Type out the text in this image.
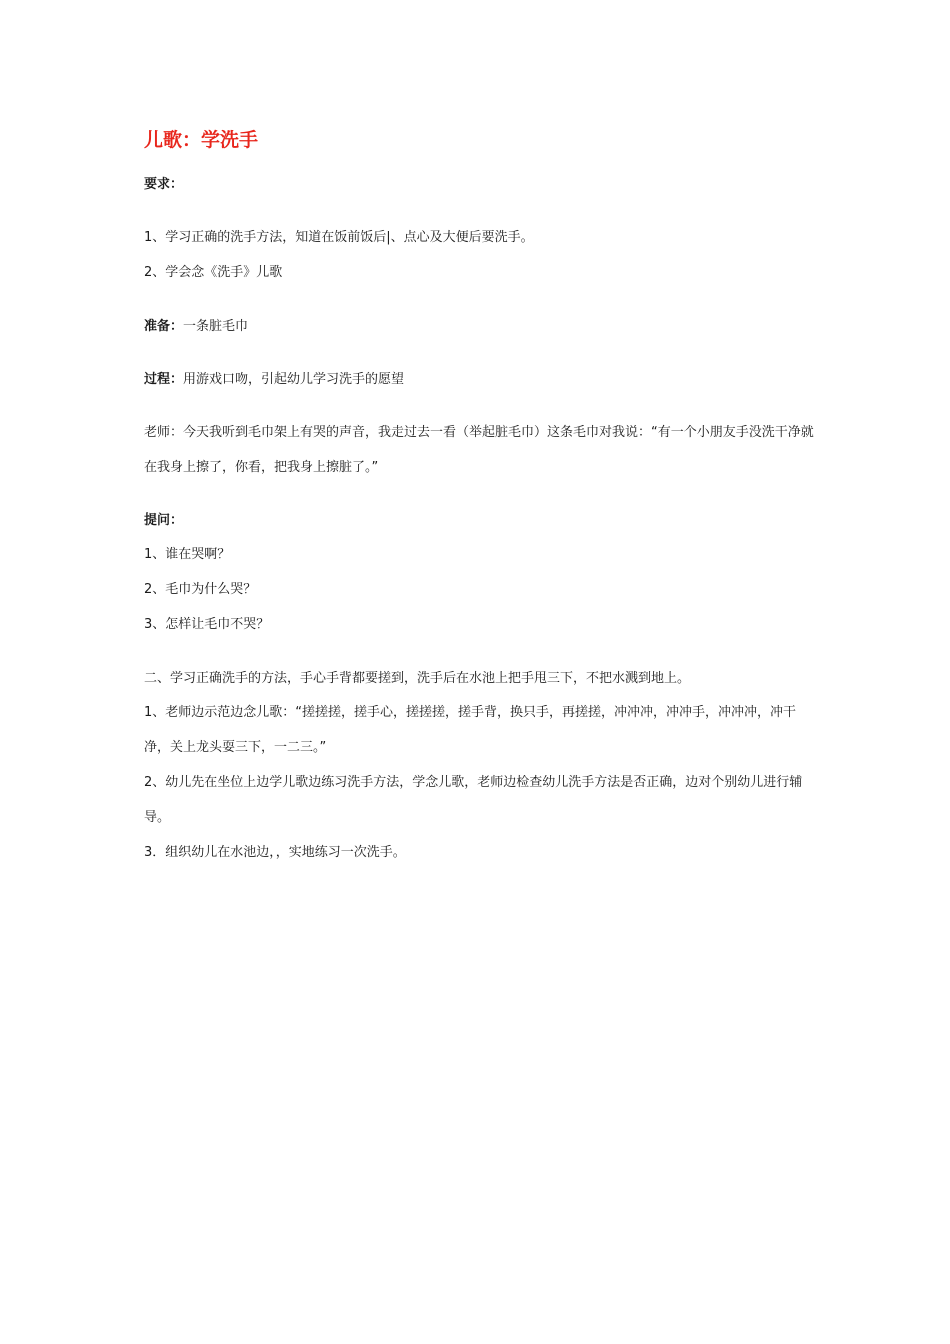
儿歌：学洗手
要求：
1、学习正确的洗手方法，知道在饭前饭后|、点心及大便后要洗手。
2、学会念《洗手》儿歌
准备：一条脏毛巾
过程：用游戏口吻，引起幼儿学习洗手的愿望
老师：今天我听到毛巾架上有哭的声音，我走过去一看（举起脏毛巾）这条毛巾对我说：“有一个小朋友手没洗干净就在我身上擦了，你看，把我身上擦脏了。”
提问：
1、谁在哭啊？
2、毛巾为什么哭？
3、怎样让毛巾不哭？
二、学习正确洗手的方法，手心手背都要搓到，洗手后在水池上把手甩三下，不把水溅到地上。
1、老师边示范边念儿歌：“搓搓搓，搓手心，搓搓搓，搓手背，换只手，再搓搓，冲冲冲，冲冲手，冲冲冲，冲干净，关上龙头耍三下，一二三。”
2、幼儿先在坐位上边学儿歌边练习洗手方法，学念儿歌，老师边检查幼儿洗手方法是否正确，边对个别幼儿进行辅导。
3．组织幼儿在水池边，，实地练习一次洗手。
